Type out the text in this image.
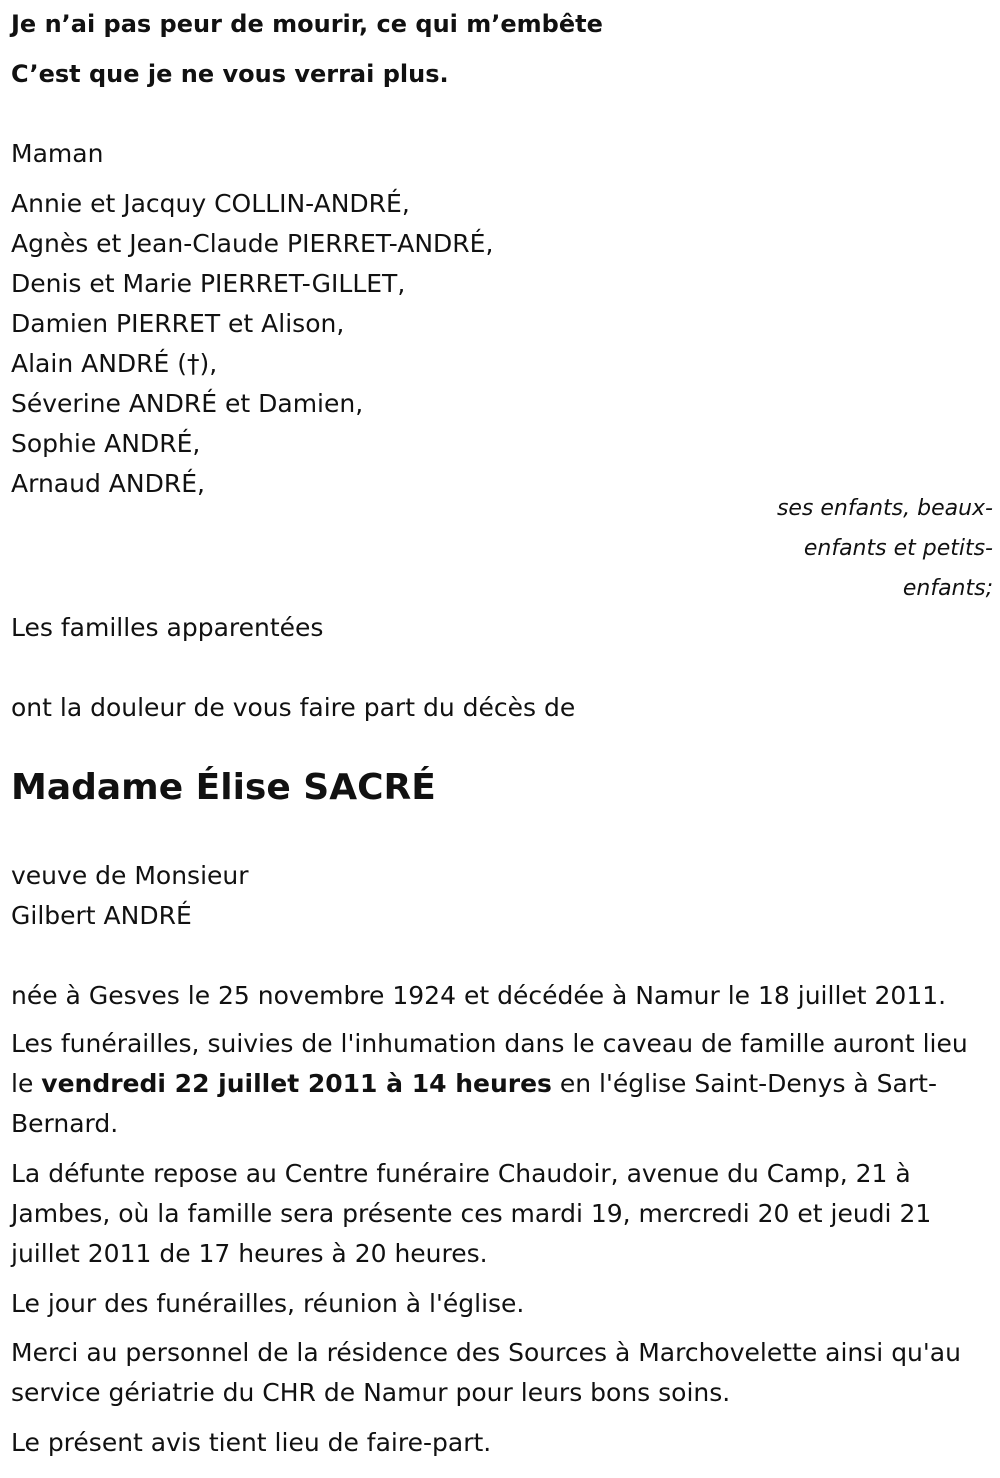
Je n’ai pas peur de mourir, ce qui m’embête

C’est que je ne vous verrai plus.

Maman
Annie et Jacquy COLLIN-ANDRÉ,
Agnès et Jean-Claude PIERRET-ANDRÉ,
Denis et Marie PIERRET-GILLET,
Damien PIERRET et Alison,
Alain ANDRÉ (†),
Séverine ANDRÉ et Damien,
Sophie ANDRÉ,
Arnaud ANDRÉ,
ses enfants, beaux-
enfants et petits-
enfants;
Les familles apparentées
ont la douleur de vous faire part du décès de
Madame Élise SACRÉ
veuve de Monsieur
Gilbert ANDRÉ
née à Gesves le 25 novembre 1924 et décédée à Namur le 18 juillet 2011.
Les funérailles, suivies de l'inhumation dans le caveau de famille auront lieu le vendredi 22 juillet 2011 à 14 heures en l'église Saint-Denys à Sart-Bernard.
La défunte repose au Centre funéraire Chaudoir, avenue du Camp, 21 à Jambes, où la famille sera présente ces mardi 19, mercredi 20 et jeudi 21 juillet 2011 de 17 heures à 20 heures.
Le jour des funérailles, réunion à l'église.
Merci au personnel de la résidence des Sources à Marchovelette ainsi qu'au service gériatrie du CHR de Namur pour leurs bons soins.
Le présent avis tient lieu de faire-part.
